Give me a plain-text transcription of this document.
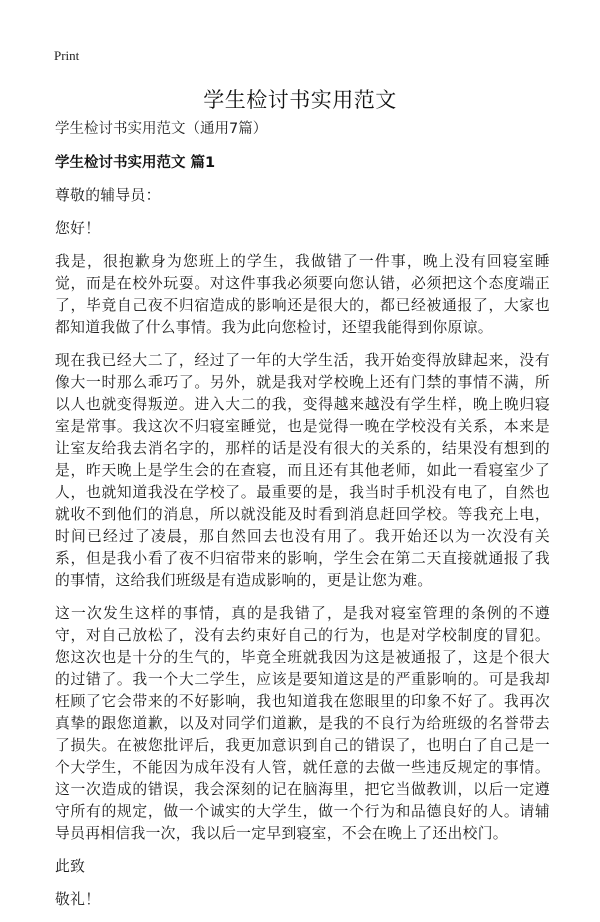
Print
学生检讨书实用范文

学生检讨书实用范文（通用7篇）

学生检讨书实用范文 篇1

尊敬的辅导员：

您好！

我是，很抱歉身为您班上的学生，我做错了一件事，晚上没有回寝室睡觉，而是在校外玩耍。对这件事我必须要向您认错，必须把这个态度端正了，毕竟自己夜不归宿造成的影响还是很大的，都已经被通报了，大家也都知道我做了什么事情。我为此向您检讨，还望我能得到你原谅。

现在我已经大二了，经过了一年的大学生活，我开始变得放肆起来，没有像大一时那么乖巧了。另外，就是我对学校晚上还有门禁的事情不满，所以人也就变得叛逆。进入大二的我，变得越来越没有学生样，晚上晚归寝室是常事。我这次不归寝室睡觉，也是觉得一晚在学校没有关系，本来是让室友给我去消名字的，那样的话是没有很大的关系的，结果没有想到的是，昨天晚上是学生会的在查寝，而且还有其他老师，如此一看寝室少了人，也就知道我没在学校了。最重要的是，我当时手机没有电了，自然也就收不到他们的消息，所以就没能及时看到消息赶回学校。等我充上电，时间已经过了凌晨，那自然回去也没有用了。我开始还以为一次没有关系，但是我小看了夜不归宿带来的影响，学生会在第二天直接就通报了我的事情，这给我们班级是有造成影响的，更是让您为难。

这一次发生这样的事情，真的是我错了，是我对寝室管理的条例的不遵守，对自己放松了，没有去约束好自己的行为，也是对学校制度的冒犯。您这次也是十分的生气的，毕竟全班就我因为这是被通报了，这是个很大的过错了。我一个大二学生，应该是要知道这是的严重影响的。可是我却枉顾了它会带来的不好影响，我也知道我在您眼里的印象不好了。我再次真挚的跟您道歉，以及对同学们道歉，是我的不良行为给班级的名誉带去了损失。在被您批评后，我更加意识到自己的错误了，也明白了自己是一个大学生，不能因为成年没有人管，就任意的去做一些违反规定的事情。这一次造成的错误，我会深刻的记在脑海里，把它当做教训，以后一定遵守所有的规定，做一个诚实的大学生，做一个行为和品德良好的人。请辅导员再相信我一次，我以后一定早到寝室，不会在晚上了还出校门。

此致

敬礼！
